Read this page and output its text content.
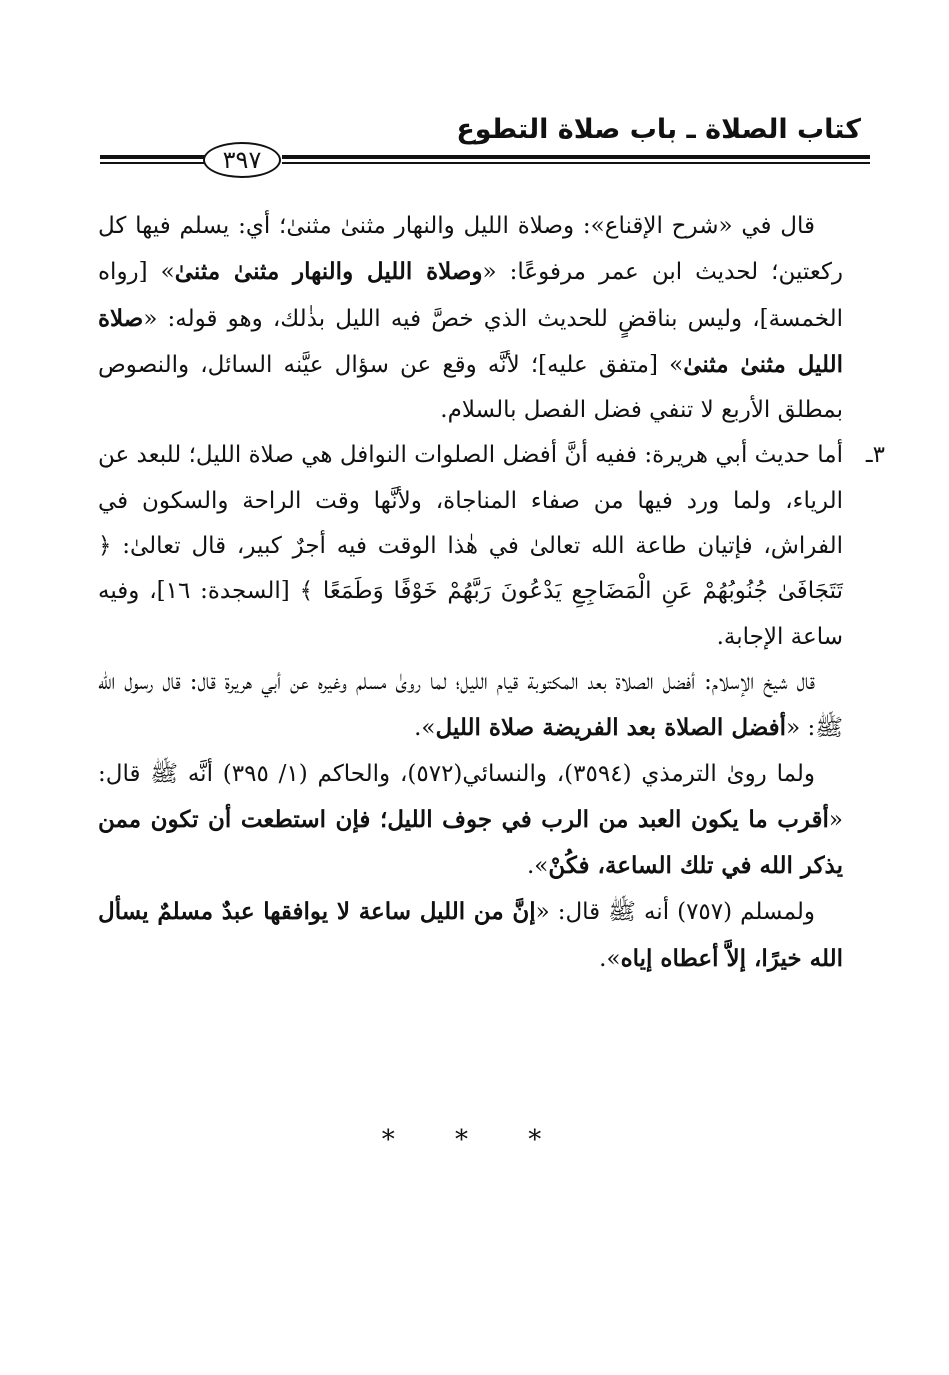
كتاب الصلاة ـ باب صلاة التطوع
٣٩٧

قال في «شرح الإقناع»: وصلاة الليل والنهار مثنىٰ مثنىٰ؛ أي: يسلم فيها كل ركعتين؛ لحديث ابن عمر مرفوعًا: «وصلاة الليل والنهار مثنىٰ مثنىٰ» [رواه الخمسة]، وليس بناقضٍ للحديث الذي خصَّ فيه الليل بذٰلك، وهو قوله: «صلاة الليل مثنىٰ مثنىٰ» [متفق عليه]؛ لأنَّه وقع عن سؤال عيَّنه السائل، والنصوص بمطلق الأربع لا تنفي فضل الفصل بالسلام.

٣ـ
أما حديث أبي هريرة: ففيه أنَّ أفضل الصلوات النوافل هي صلاة الليل؛ للبعد عن الرياء، ولما ورد فيها من صفاء المناجاة، ولأنَّها وقت الراحة والسكون في الفراش، فإتيان طاعة الله تعالىٰ في هٰذا الوقت فيه أجرٌ كبير، قال تعالىٰ: ﴿ تَتَجَافَىٰ جُنُوبُهُمْ عَنِ الْمَضَاجِعِ يَدْعُونَ رَبَّهُمْ خَوْفًا وَطَمَعًا ﴾ [السجدة: ١٦]، وفيه ساعة الإجابة.

قال شيخ الإسلام: أفضل الصلاة بعد المكتوبة قيام الليل؛ لما روىٰ مسلم وغيره عن أبي هريرة قال: قال رسول الله ﷺ: «أفضل الصلاة بعد الفريضة صلاة الليل».

ولما روىٰ الترمذي (٣٥٩٤)، والنسائي(٥٧٢)، والحاكم (١/ ٣٩٥) أنَّه ﷺ قال: «أقرب ما يكون العبد من الرب في جوف الليل؛ فإن استطعت أن تكون ممن يذكر الله في تلك الساعة، فكُنْ».

ولمسلم (٧٥٧) أنه ﷺ قال: «إنَّ من الليل ساعة لا يوافقها عبدٌ مسلمٌ يسأل الله خيرًا، إلاَّ أعطاه إياه».

* * *
